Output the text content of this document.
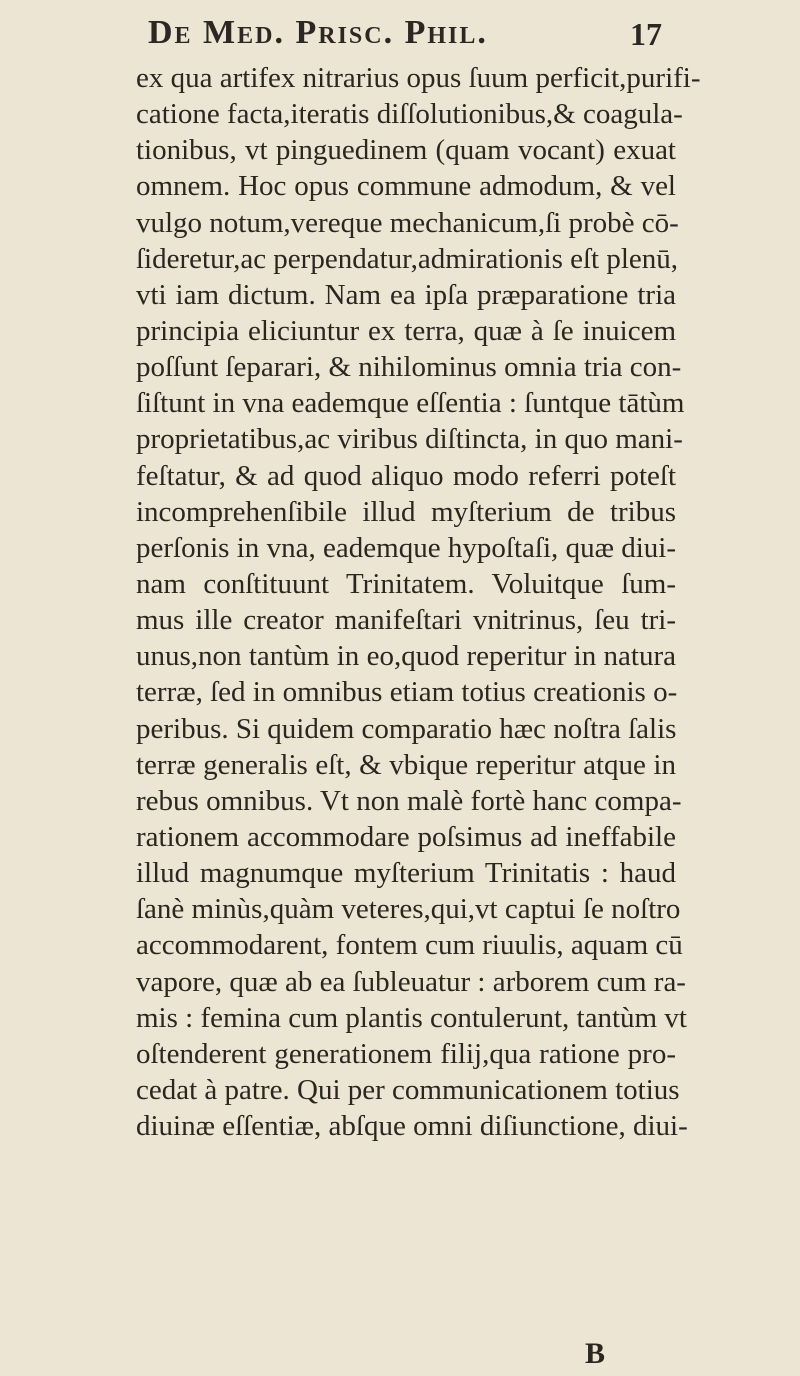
De Med. Prisc. Phil.	17
ex qua artifex nitrarius opus ſuum perficit,purifi-
catione facta,iteratis diſſolutionibus,& coagula-
tionibus, vt pinguedinem (quam vocant) exuat
omnem. Hoc opus commune admodum, & vel
vulgo notum,vereque mechanicum,ſi probè cō-
ſideretur,ac perpendatur,admirationis eſt plenū,
vti iam dictum. Nam ea ipſa præparatione tria
principia eliciuntur ex terra, quæ à ſe inuicem
poſſunt ſeparari, & nihilominus omnia tria con-
ſiſtunt in vna eademque eſſentia : ſuntque tātùm
proprietatibus,ac viribus diſtincta, in quo mani-
feſtatur, & ad quod aliquo modo referri poteſt
incomprehenſibile illud myſterium de tribus
perſonis in vna, eademque hypoſtaſi, quæ diui-
nam conſtituunt Trinitatem. Voluitque ſum-
mus ille creator manifeſtari vnitrinus, ſeu tri-
unus,non tantùm in eo,quod reperitur in natura
terræ, ſed in omnibus etiam totius creationis o-
peribus. Si quidem comparatio hæc noſtra ſalis
terræ generalis eſt, & vbique reperitur atque in
rebus omnibus. Vt non malè fortè hanc compa-
rationem accommodare poſsimus ad ineffabile
illud magnumque myſterium Trinitatis : haud
ſanè minùs,quàm veteres,qui,vt captui ſe noſtro
accommodarent, fontem cum riuulis, aquam cū
vapore, quæ ab ea ſubleuatur : arborem cum ra-
mis : femina cum plantis contulerunt, tantùm vt
oſtenderent generationem filij,qua ratione pro-
cedat à patre. Qui per communicationem totius
diuinæ eſſentiæ, abſque omni diſiunctione, diui-
B
